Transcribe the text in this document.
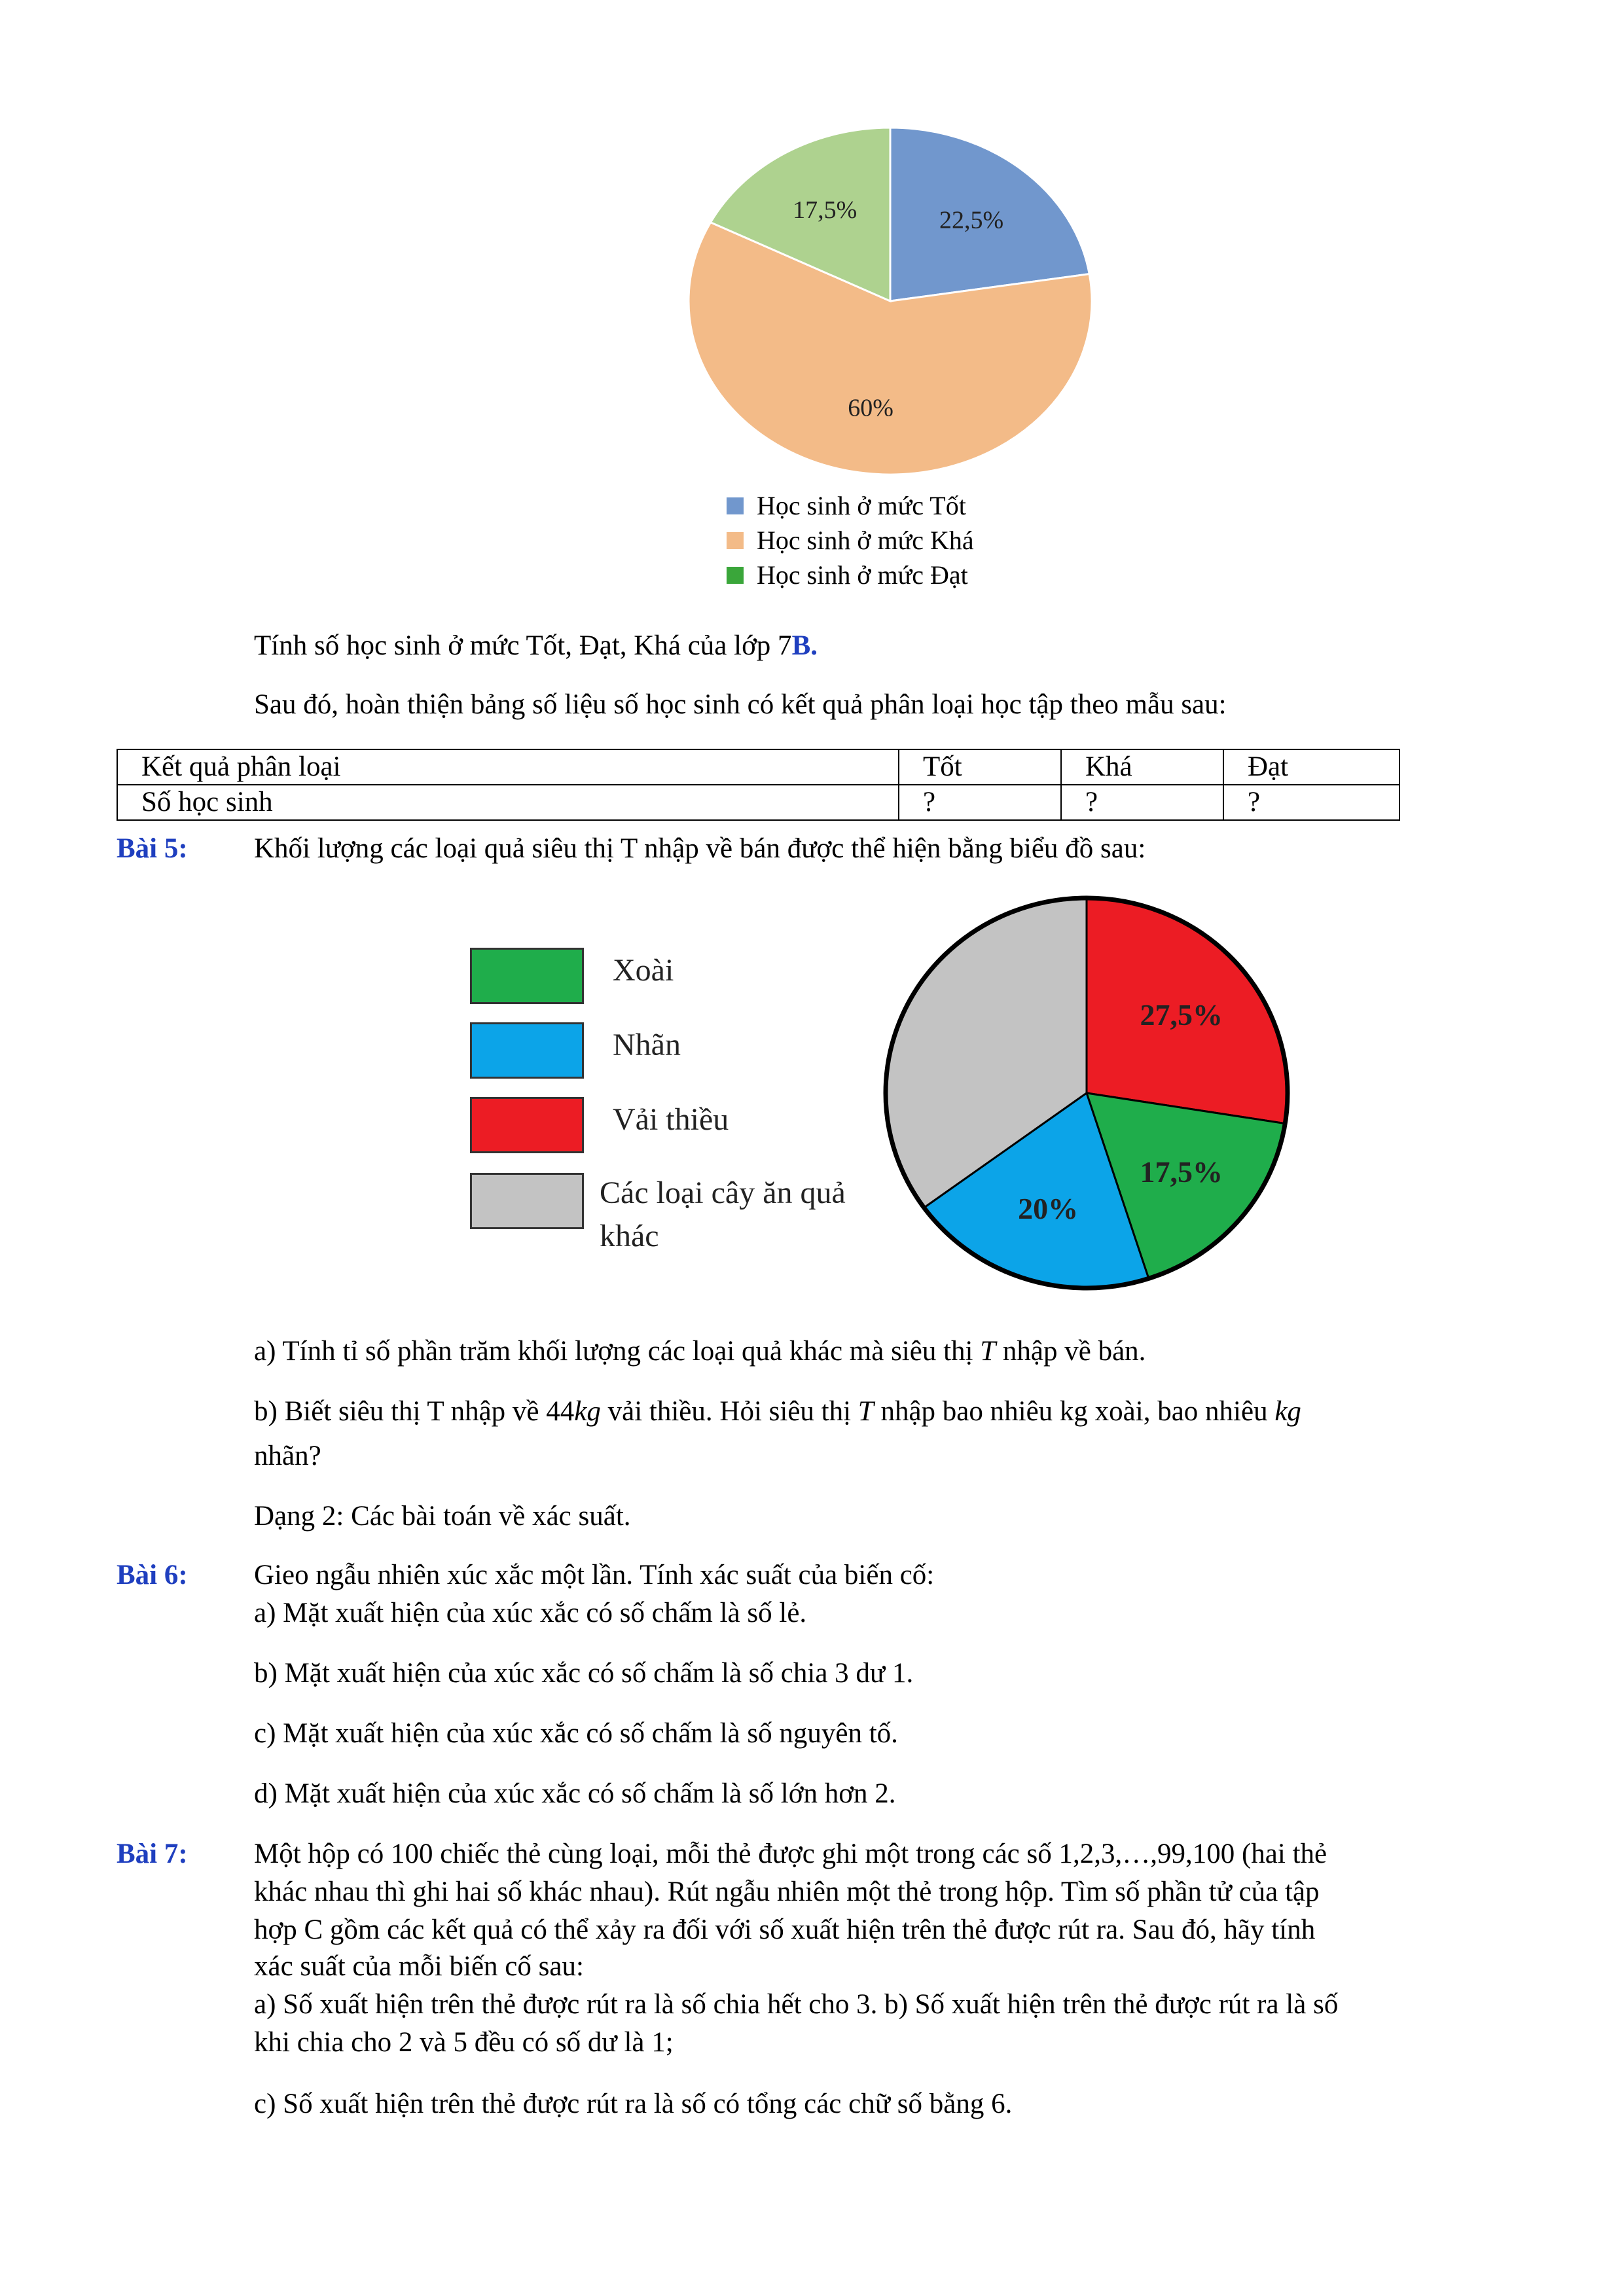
22,5%
60%
17,5%
Học sinh ở mức Tốt
Học sinh ở mức Khá
Học sinh ở mức Đạt
Tính số học sinh ở mức Tốt, Đạt, Khá của lớp 7B.
Sau đó, hoàn thiện bảng số liệu số học sinh có kết quả phân loại học tập theo mẫu sau:
Kết quả phân loại	Tốt	Khá	Đạt
Số học sinh	?	?	?
Bài 5: Khối lượng các loại quả siêu thị T nhập về bán được thể hiện bằng biểu đồ sau:
Xoài
Nhãn
Vải thiều
Các loại cây ăn quả
khác
27,5%
17,5%
20%
a) Tính tỉ số phần trăm khối lượng các loại quả khác mà siêu thị T nhập về bán.
b) Biết siêu thị T nhập về 44kg vải thiều. Hỏi siêu thị T nhập bao nhiêu kg xoài, bao nhiêu kg
nhãn?
Dạng 2: Các bài toán về xác suất.
Bài 6: Gieo ngẫu nhiên xúc xắc một lần. Tính xác suất của biến cố:
a) Mặt xuất hiện của xúc xắc có số chấm là số lẻ.
b) Mặt xuất hiện của xúc xắc có số chấm là số chia 3 dư 1.
c) Mặt xuất hiện của xúc xắc có số chấm là số nguyên tố.
d) Mặt xuất hiện của xúc xắc có số chấm là số lớn hơn 2.
Bài 7: Một hộp có 100 chiếc thẻ cùng loại, mỗi thẻ được ghi một trong các số 1,2,3,…,99,100 (hai thẻ
khác nhau thì ghi hai số khác nhau). Rút ngẫu nhiên một thẻ trong hộp. Tìm số phần tử của tập
hợp C gồm các kết quả có thể xảy ra đối với số xuất hiện trên thẻ được rút ra. Sau đó, hãy tính
xác suất của mỗi biến cố sau:
a) Số xuất hiện trên thẻ được rút ra là số chia hết cho 3. b) Số xuất hiện trên thẻ được rút ra là số
khi chia cho 2 và 5 đều có số dư là 1;
c) Số xuất hiện trên thẻ được rút ra là số có tổng các chữ số bằng 6.
